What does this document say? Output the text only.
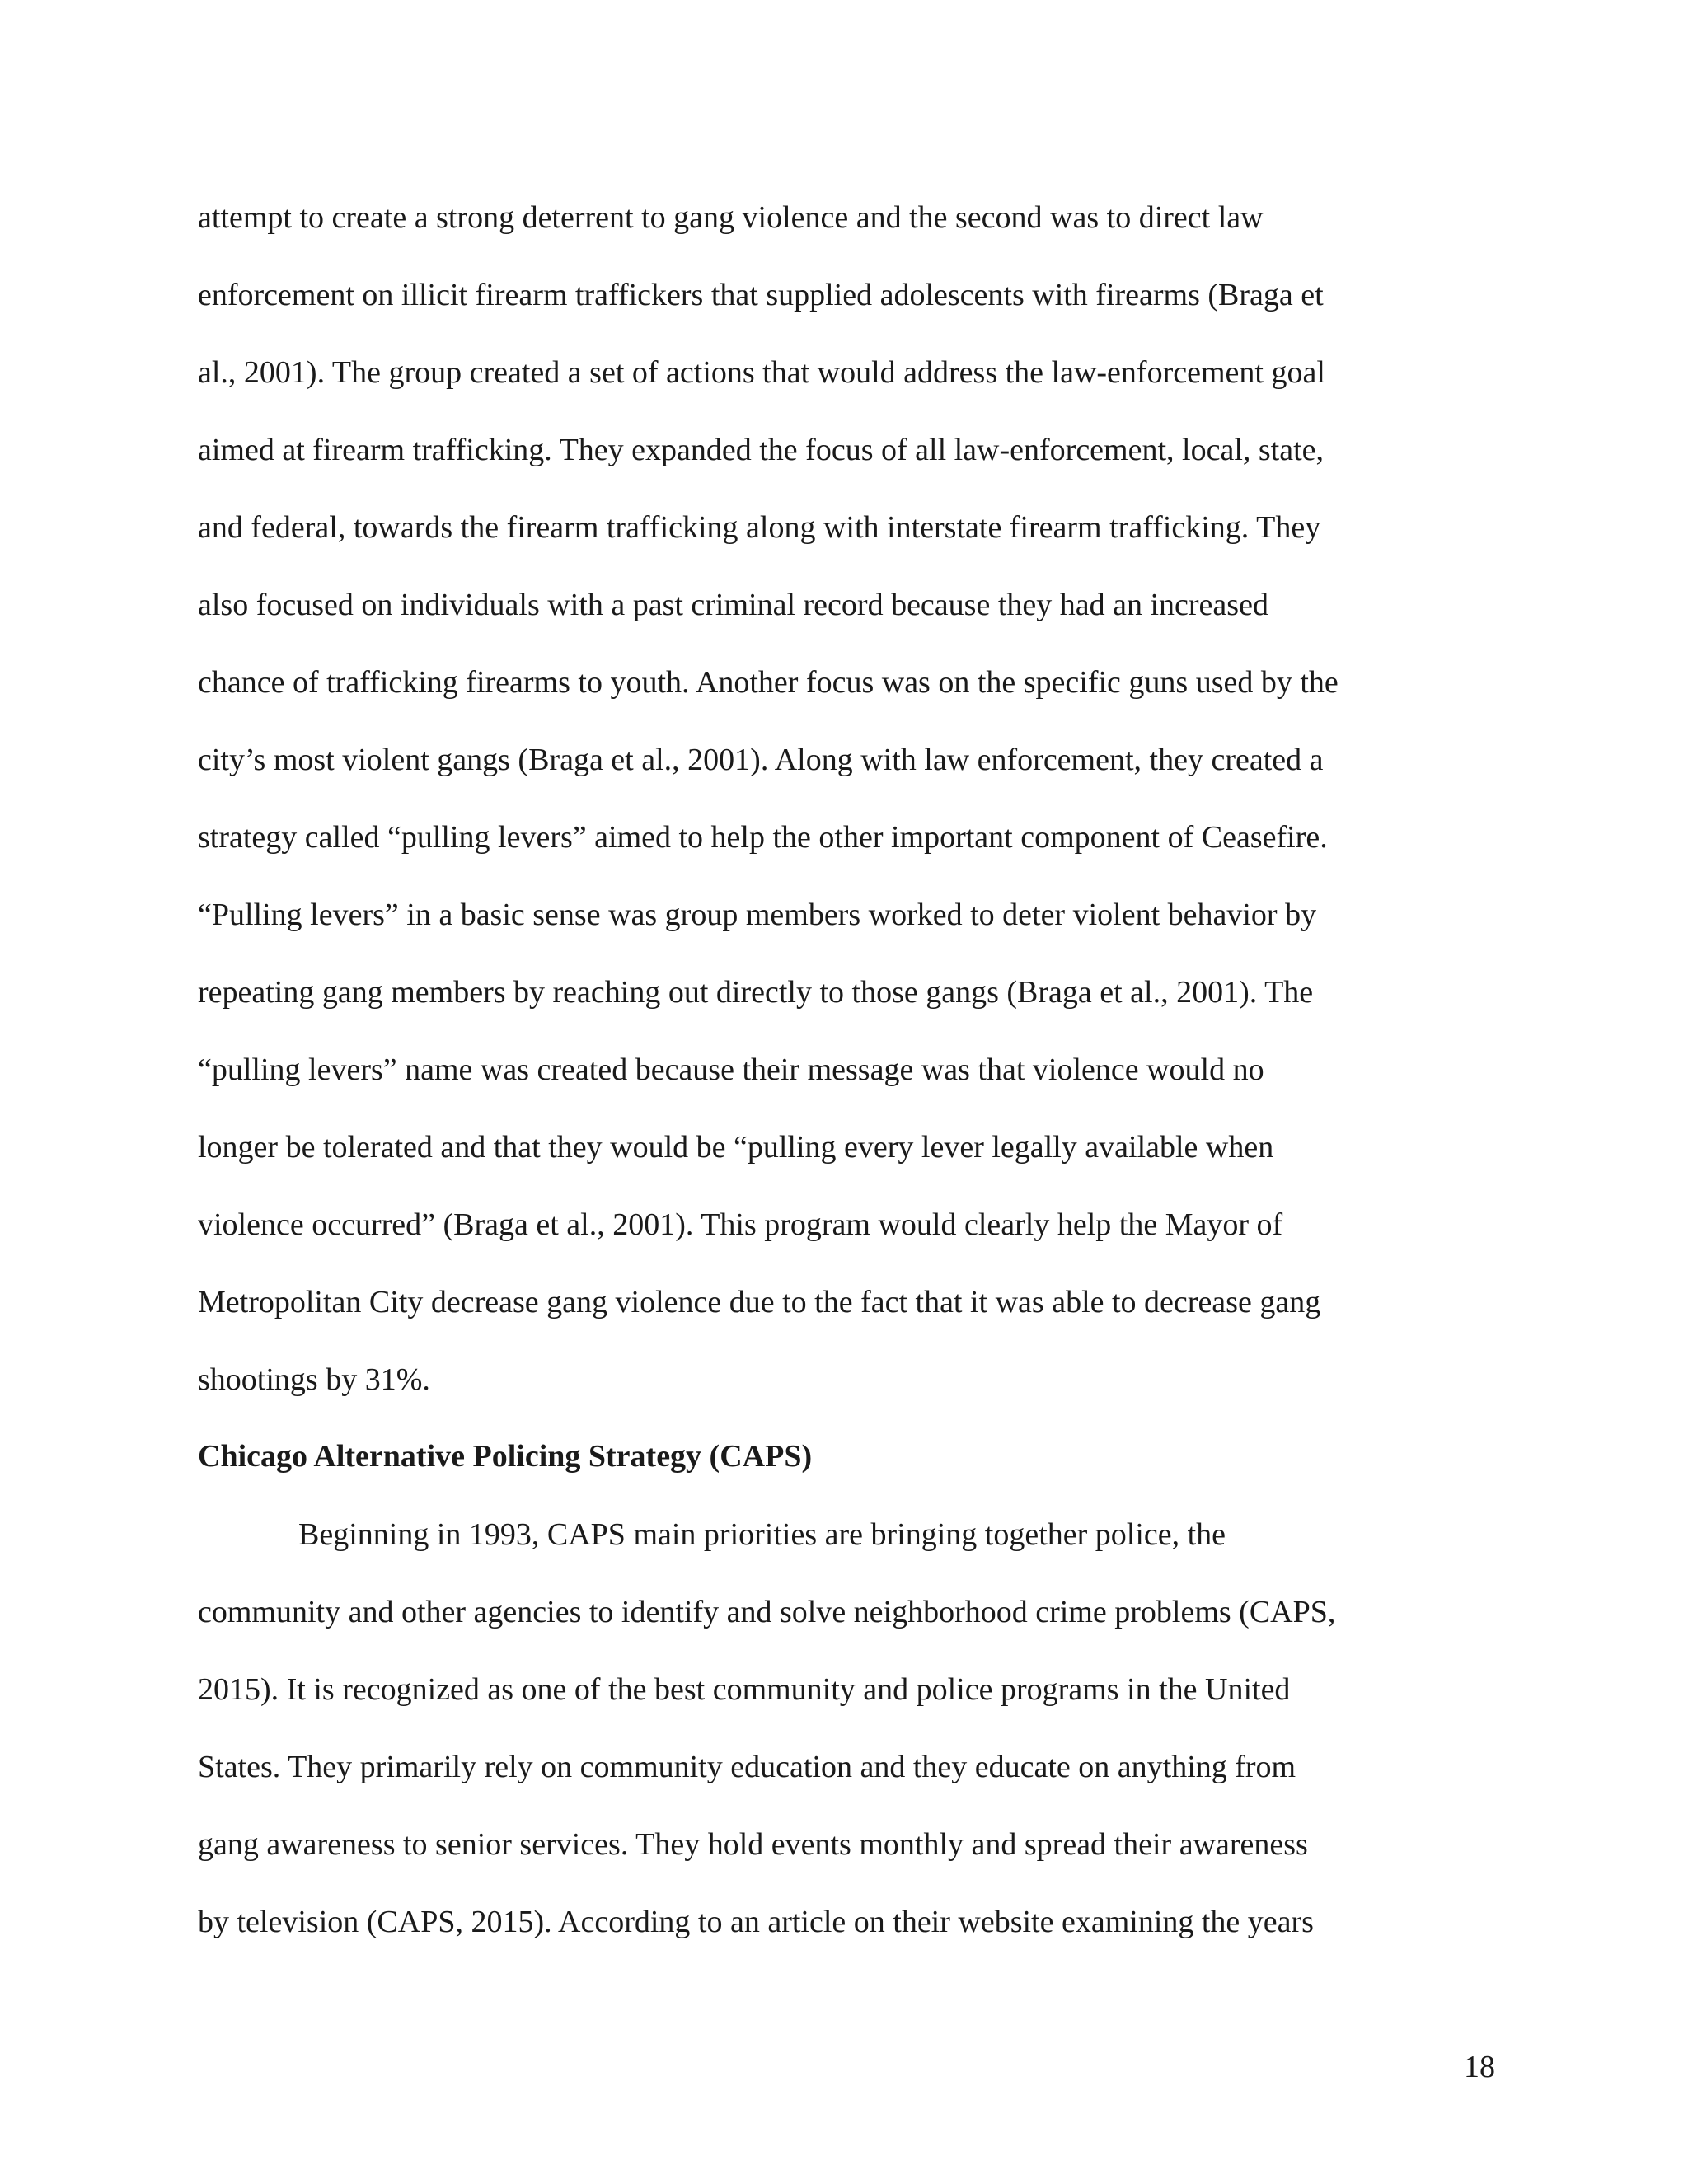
attempt to create a strong deterrent to gang violence and the second was to direct law
enforcement on illicit firearm traffickers that supplied adolescents with firearms (Braga et
al., 2001). The group created a set of actions that would address the law-enforcement goal
aimed at firearm trafficking. They expanded the focus of all law-enforcement, local, state,
and federal, towards the firearm trafficking along with interstate firearm trafficking. They
also focused on individuals with a past criminal record because they had an increased
chance of trafficking firearms to youth. Another focus was on the specific guns used by the
city’s most violent gangs (Braga et al., 2001). Along with law enforcement, they created a
strategy called “pulling levers” aimed to help the other important component of Ceasefire.
“Pulling levers” in a basic sense was group members worked to deter violent behavior by
repeating gang members by reaching out directly to those gangs (Braga et al., 2001). The
“pulling levers” name was created because their message was that violence would no
longer be tolerated and that they would be “pulling every lever legally available when
violence occurred” (Braga et al., 2001). This program would clearly help the Mayor of
Metropolitan City decrease gang violence due to the fact that it was able to decrease gang
shootings by 31%.
Chicago Alternative Policing Strategy (CAPS)
Beginning in 1993, CAPS main priorities are bringing together police, the
community and other agencies to identify and solve neighborhood crime problems (CAPS,
2015). It is recognized as one of the best community and police programs in the United
States. They primarily rely on community education and they educate on anything from
gang awareness to senior services. They hold events monthly and spread their awareness
by television (CAPS, 2015). According to an article on their website examining the years
18
